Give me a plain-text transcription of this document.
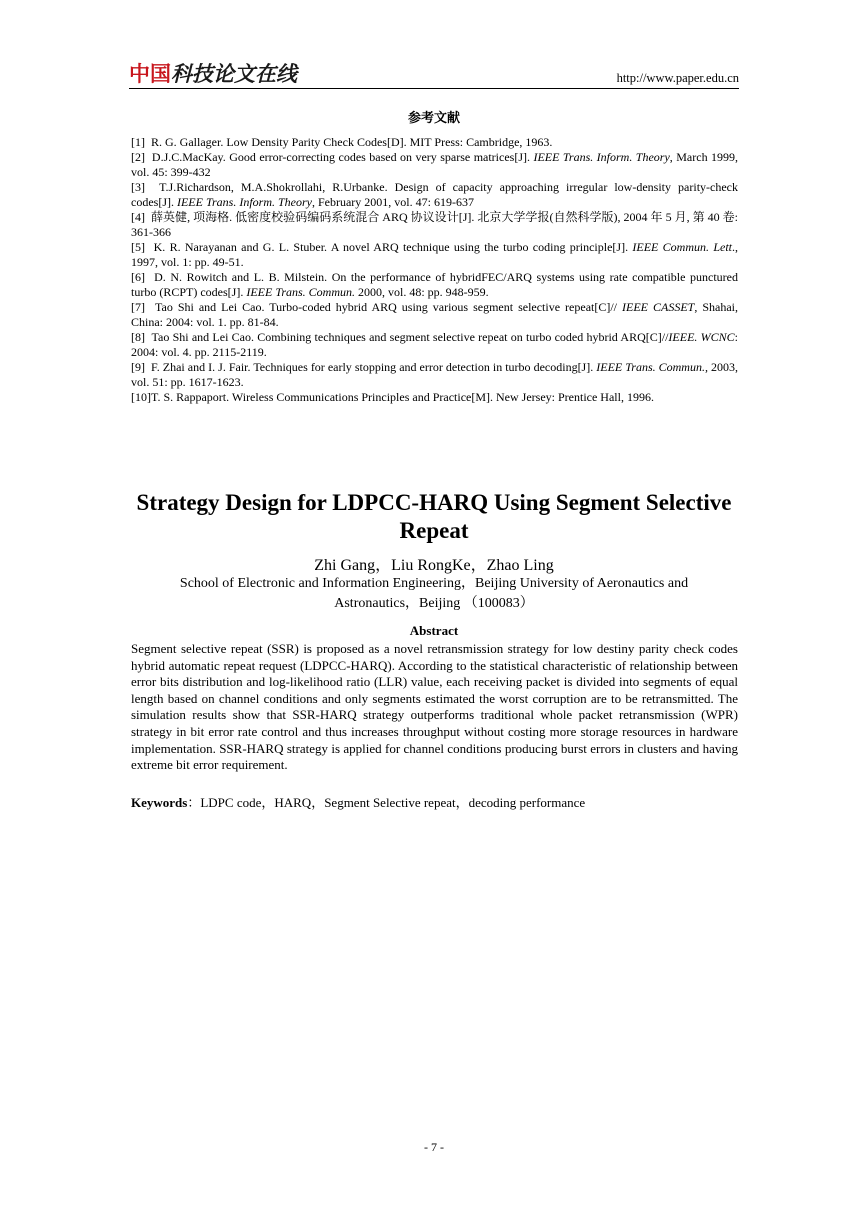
中国科技论文在线	http://www.paper.edu.cn
参考文献

[1] R. G. Gallager. Low Density Parity Check Codes[D]. MIT Press: Cambridge, 1963.

[2] D.J.C.MacKay. Good error-correcting codes based on very sparse matrices[J]. IEEE Trans. Inform. Theory, March 1999, vol. 45: 399-432

[3] T.J.Richardson, M.A.Shokrollahi, R.Urbanke. Design of capacity approaching irregular low-density parity-check codes[J]. IEEE Trans. Inform. Theory, February 2001, vol. 47: 619-637

[4] 薛英健, 项海格. 低密度校验码编码系统混合 ARQ 协议设计[J]. 北京大学学报(自然科学版), 2004 年 5 月, 第 40 卷: 361-366

[5] K. R. Narayanan and G. L. Stuber. A novel ARQ technique using the turbo coding principle[J]. IEEE Commun. Lett., 1997, vol. 1: pp. 49-51.

[6] D. N. Rowitch and L. B. Milstein. On the performance of hybridFEC/ARQ systems using rate compatible punctured turbo (RCPT) codes[J]. IEEE Trans. Commun. 2000, vol. 48: pp. 948-959.

[7] Tao Shi and Lei Cao. Turbo-coded hybrid ARQ using various segment selective repeat[C]// IEEE CASSET, Shahai, China: 2004: vol. 1. pp. 81-84.

[8] Tao Shi and Lei Cao. Combining techniques and segment selective repeat on turbo coded hybrid ARQ[C]//IEEE. WCNC: 2004: vol. 4. pp. 2115-2119.

[9] F. Zhai and I. J. Fair. Techniques for early stopping and error detection in turbo decoding[J]. IEEE Trans. Commun., 2003, vol. 51: pp. 1617-1623.

[10]T. S. Rappaport. Wireless Communications Principles and Practice[M]. New Jersey: Prentice Hall, 1996.

Strategy Design for LDPCC-HARQ Using Segment Selective Repeat
Zhi Gang，Liu RongKe，Zhao Ling
School of Electronic and Information Engineering，Beijing University of Aeronautics and Astronautics，Beijing （100083）
Abstract
Segment selective repeat (SSR) is proposed as a novel retransmission strategy for low destiny parity check codes hybrid automatic repeat request (LDPCC-HARQ). According to the statistical characteristic of relationship between error bits distribution and log-likelihood ratio (LLR) value, each receiving packet is divided into segments of equal length based on channel conditions and only segments estimated the worst corruption are to be retransmitted. The simulation results show that SSR-HARQ strategy outperforms traditional whole packet retransmission (WPR) strategy in bit error rate control and thus increases throughput without costing more storage resources in hardware implementation. SSR-HARQ strategy is applied for channel conditions producing burst errors in clusters and having extreme bit error requirement.
Keywords：LDPC code，HARQ，Segment Selective repeat，decoding performance
- 7 -
